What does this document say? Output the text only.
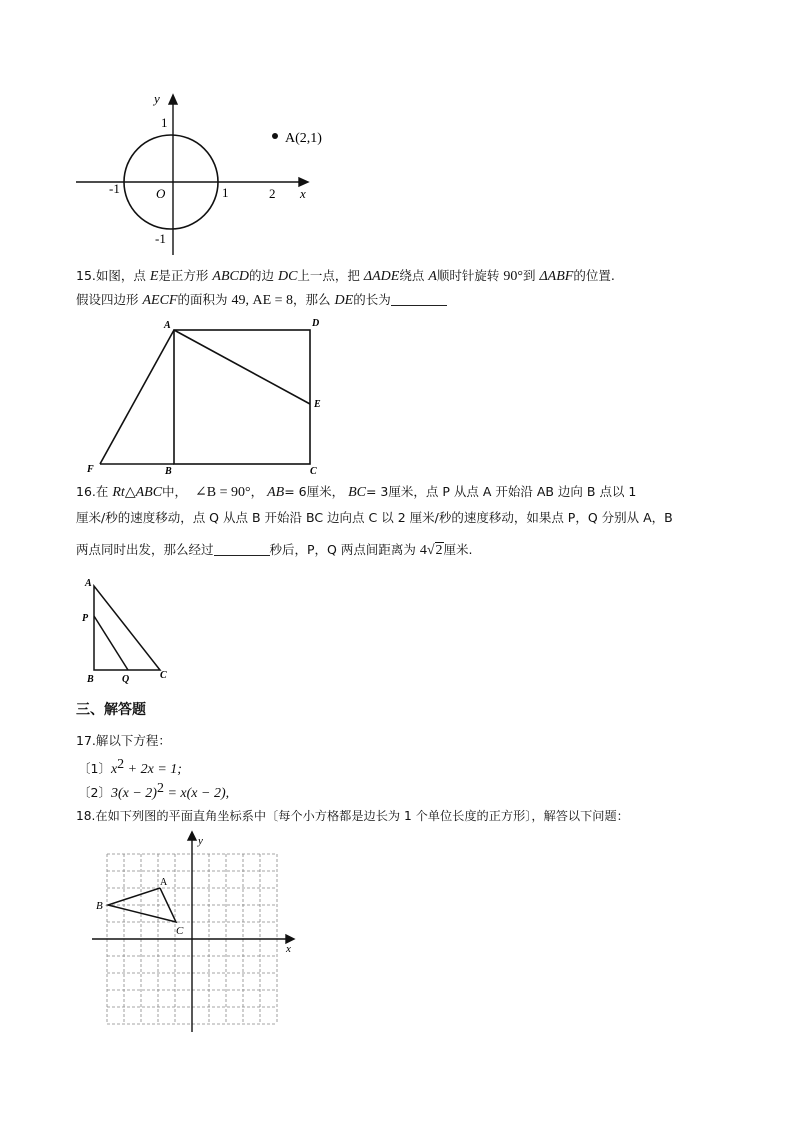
y
x
1
-1
-1	O	1	2
A(2,1)
15.如图，点 E是正方形 ABCD的边 DC上一点，把 ΔADE绕点 A顺时针旋转 90°到 ΔABF的位置.
假设四边形 AECF的面积为 49, AE = 8，那么 DE的长为
A	D
E
F	B	C
16.在 Rt△ABC中， ∠B = 90°， AB= 6厘米， BC= 3厘米，点 P 从点 A 开始沿 AB 边向 B 点以 1
厘米/秒的速度移动，点 Q 从点 B 开始沿 BC 边向点 C 以 2 厘米/秒的速度移动，如果点 P，Q 分别从 A，B
两点同时出发，那么经过	秒后，P，Q 两点间距离为 4√2厘米.
A
P
B	Q	C
三、解答题
17.解以下方程：
〔1〕$x^2 + 2x = 1$;
〔2〕$3(x - 2)^2 = x(x - 2)$,
18.在如下列图的平面直角坐标系中〔每个小方格都是边长为 1 个单位长度的正方形〕，解答以下问题：
y
x
A
B
C
